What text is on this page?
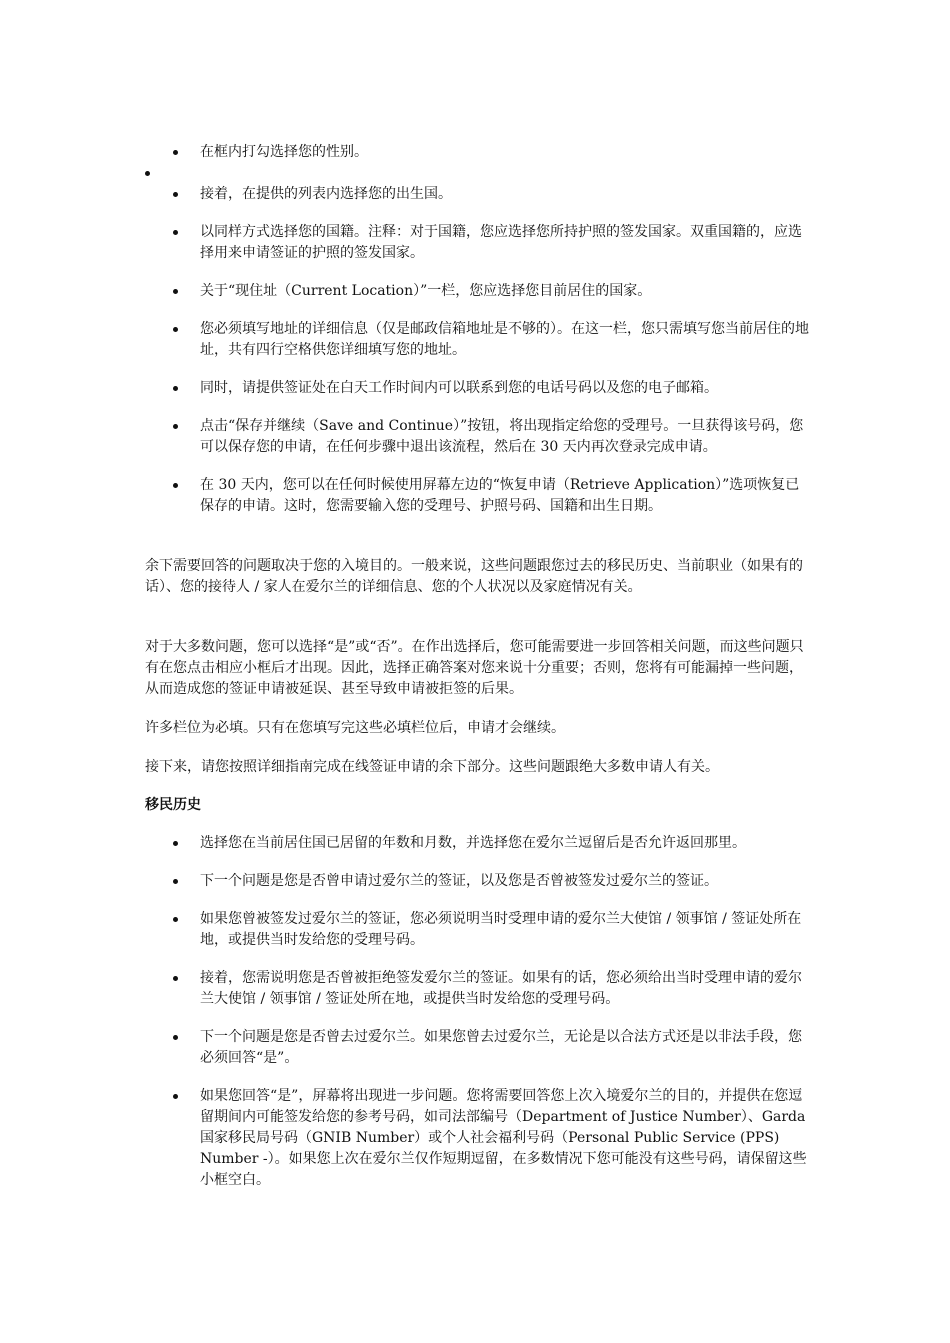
在框内打勾选择您的性别。
接着，在提供的列表内选择您的出生国。
以同样方式选择您的国籍。注释：对于国籍，您应选择您所持护照的签发国家。双重国籍的，应选择用来申请签证的护照的签发国家。
关于“现住址（Current Location）”一栏，您应选择您目前居住的国家。
您必须填写地址的详细信息（仅是邮政信箱地址是不够的）。在这一栏，您只需填写您当前居住的地址，共有四行空格供您详细填写您的地址。
同时，请提供签证处在白天工作时间内可以联系到您的电话号码以及您的电子邮箱。
点击“保存并继续（Save and Continue）”按钮，将出现指定给您的受理号。一旦获得该号码，您可以保存您的申请，在任何步骤中退出该流程，然后在 30 天内再次登录完成申请。
在 30 天内，您可以在任何时候使用屏幕左边的“恢复申请（Retrieve Application）”选项恢复已保存的申请。这时，您需要输入您的受理号、护照号码、国籍和出生日期。

余下需要回答的问题取决于您的入境目的。一般来说，这些问题跟您过去的移民历史、当前职业（如果有的话）、您的接待人 / 家人在爱尔兰的详细信息、您的个人状况以及家庭情况有关。

对于大多数问题，您可以选择“是”或“否”。在作出选择后，您可能需要进一步回答相关问题，而这些问题只有在您点击相应小框后才出现。因此，选择正确答案对您来说十分重要；否则，您将有可能漏掉一些问题，从而造成您的签证申请被延误、甚至导致申请被拒签的后果。

许多栏位为必填。只有在您填写完这些必填栏位后，申请才会继续。

接下来，请您按照详细指南完成在线签证申请的余下部分。这些问题跟绝大多数申请人有关。

移民历史
选择您在当前居住国已居留的年数和月数，并选择您在爱尔兰逗留后是否允许返回那里。
下一个问题是您是否曾申请过爱尔兰的签证，以及您是否曾被签发过爱尔兰的签证。
如果您曾被签发过爱尔兰的签证，您必须说明当时受理申请的爱尔兰大使馆 / 领事馆 / 签证处所在地，或提供当时发给您的受理号码。
接着，您需说明您是否曾被拒绝签发爱尔兰的签证。如果有的话，您必须给出当时受理申请的爱尔兰大使馆 / 领事馆 / 签证处所在地，或提供当时发给您的受理号码。
下一个问题是您是否曾去过爱尔兰。如果您曾去过爱尔兰，无论是以合法方式还是以非法手段，您必须回答“是”。
如果您回答“是”，屏幕将出现进一步问题。您将需要回答您上次入境爱尔兰的目的，并提供在您逗留期间内可能签发给您的参考号码，如司法部编号（Department of Justice Number）、Garda 国家移民局号码（GNIB Number）或个人社会福利号码（Personal Public Service (PPS) Number -）。如果您上次在爱尔兰仅作短期逗留，在多数情况下您可能没有这些号码，请保留这些小框空白。
